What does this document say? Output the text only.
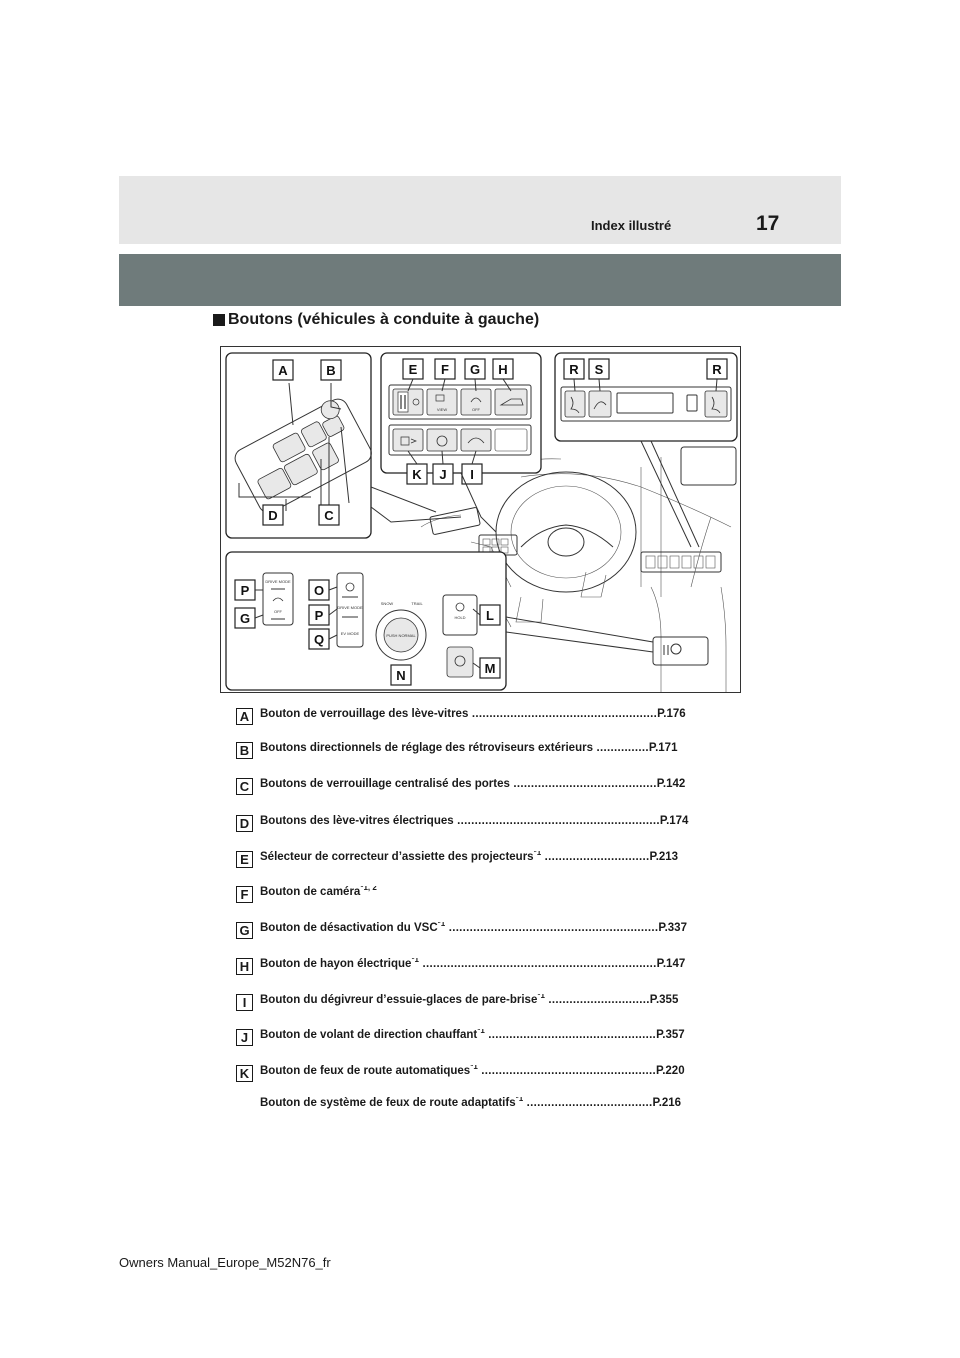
Index illustré	17
Boutons (véhicules à conduite à gauche)
A	B
D	C
VIEW	OFF
E F G H
K J I
R S	R
DRIVE MODE
OFF
DRIVE MODE
EV MODE
SNOW	TRAIL
PUSH NORMAL
HOLD
P
G
O
P
Q
L
M
N
A Bouton de verrouillage des lève-vitres .....................................................P.176
B Boutons directionnels de réglage des rétroviseurs extérieurs ...............P.171
C Boutons de verrouillage centralisé des portes .........................................P.142
D Boutons des lève-vitres électriques ..........................................................P.174
E Sélecteur de correcteur d’assiette des projecteurs$^{*1}$ ..............................P.213
F	Bouton de caméra$^{*1, 2}$
G Bouton de désactivation du VSC$^{*1}$ ............................................................P.337
H Bouton de hayon électrique$^{*1}$ ...................................................................P.147
I	Bouton du dégivreur d’essuie-glaces de pare-brise$^{*1}$ .............................P.355
J	Bouton de volant de direction chauffant$^{*1}$ ................................................P.357
K Bouton de feux de route automatiques$^{*1}$ ..................................................P.220
Bouton de système de feux de route adaptatifs$^{*1}$ ....................................P.216
Owners Manual_Europe_M52N76_fr
